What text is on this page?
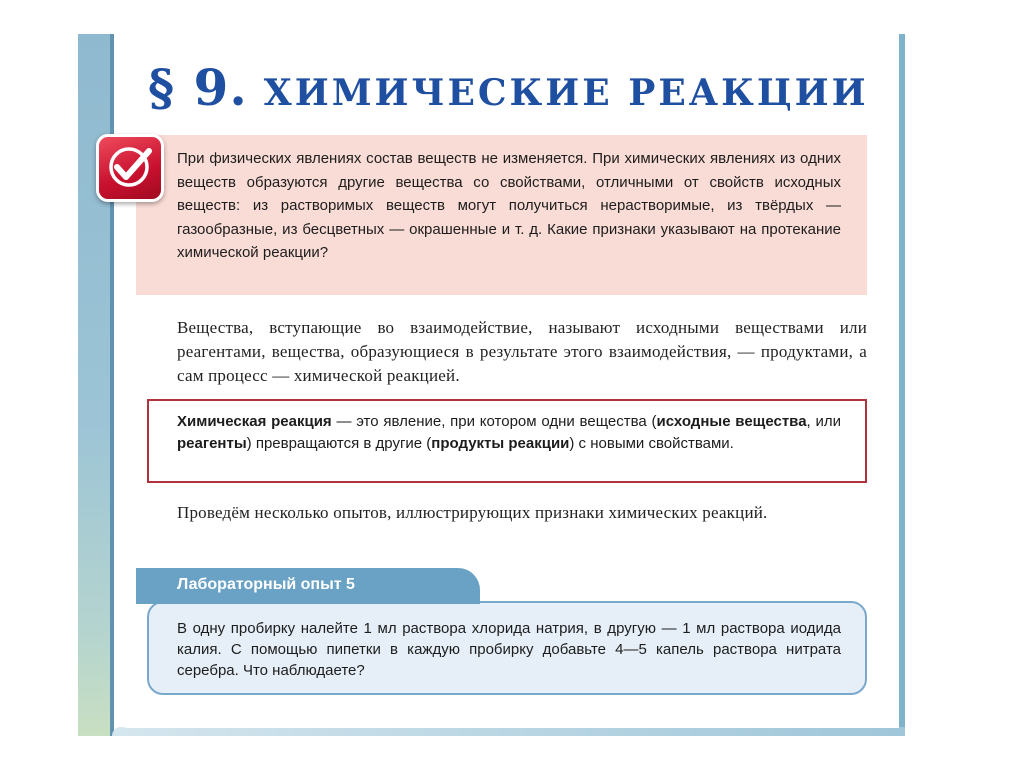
§ 9. ХИМИЧЕСКИЕ РЕАКЦИИ

При физических явлениях состав веществ не изменяется. При химических явлениях из одних веществ образуются другие вещества со свойствами, отличными от свойств исходных веществ: из растворимых веществ могут получиться нерастворимые, из твёрдых — газообразные, из бесцветных — окрашенные и т. д. Какие признаки указывают на протекание химической реакции?

Вещества, вступающие во взаимодействие, называют исходными веществами или реагентами, вещества, образующиеся в результате этого взаимодействия, — продуктами, а сам процесс — химической реакцией.

Химическая реакция — это явление, при котором одни вещества (исходные вещества, или реагенты) превращаются в другие (продукты реакции) с новыми свойствами.

Проведём несколько опытов, иллюстрирующих признаки химических реакций.

Лабораторный опыт 5

В одну пробирку налейте 1 мл раствора хлорида натрия, в другую — 1 мл раствора иодида калия. С помощью пипетки в каждую пробирку добавьте 4—5 капель раствора нитрата серебра. Что наблюдаете?
